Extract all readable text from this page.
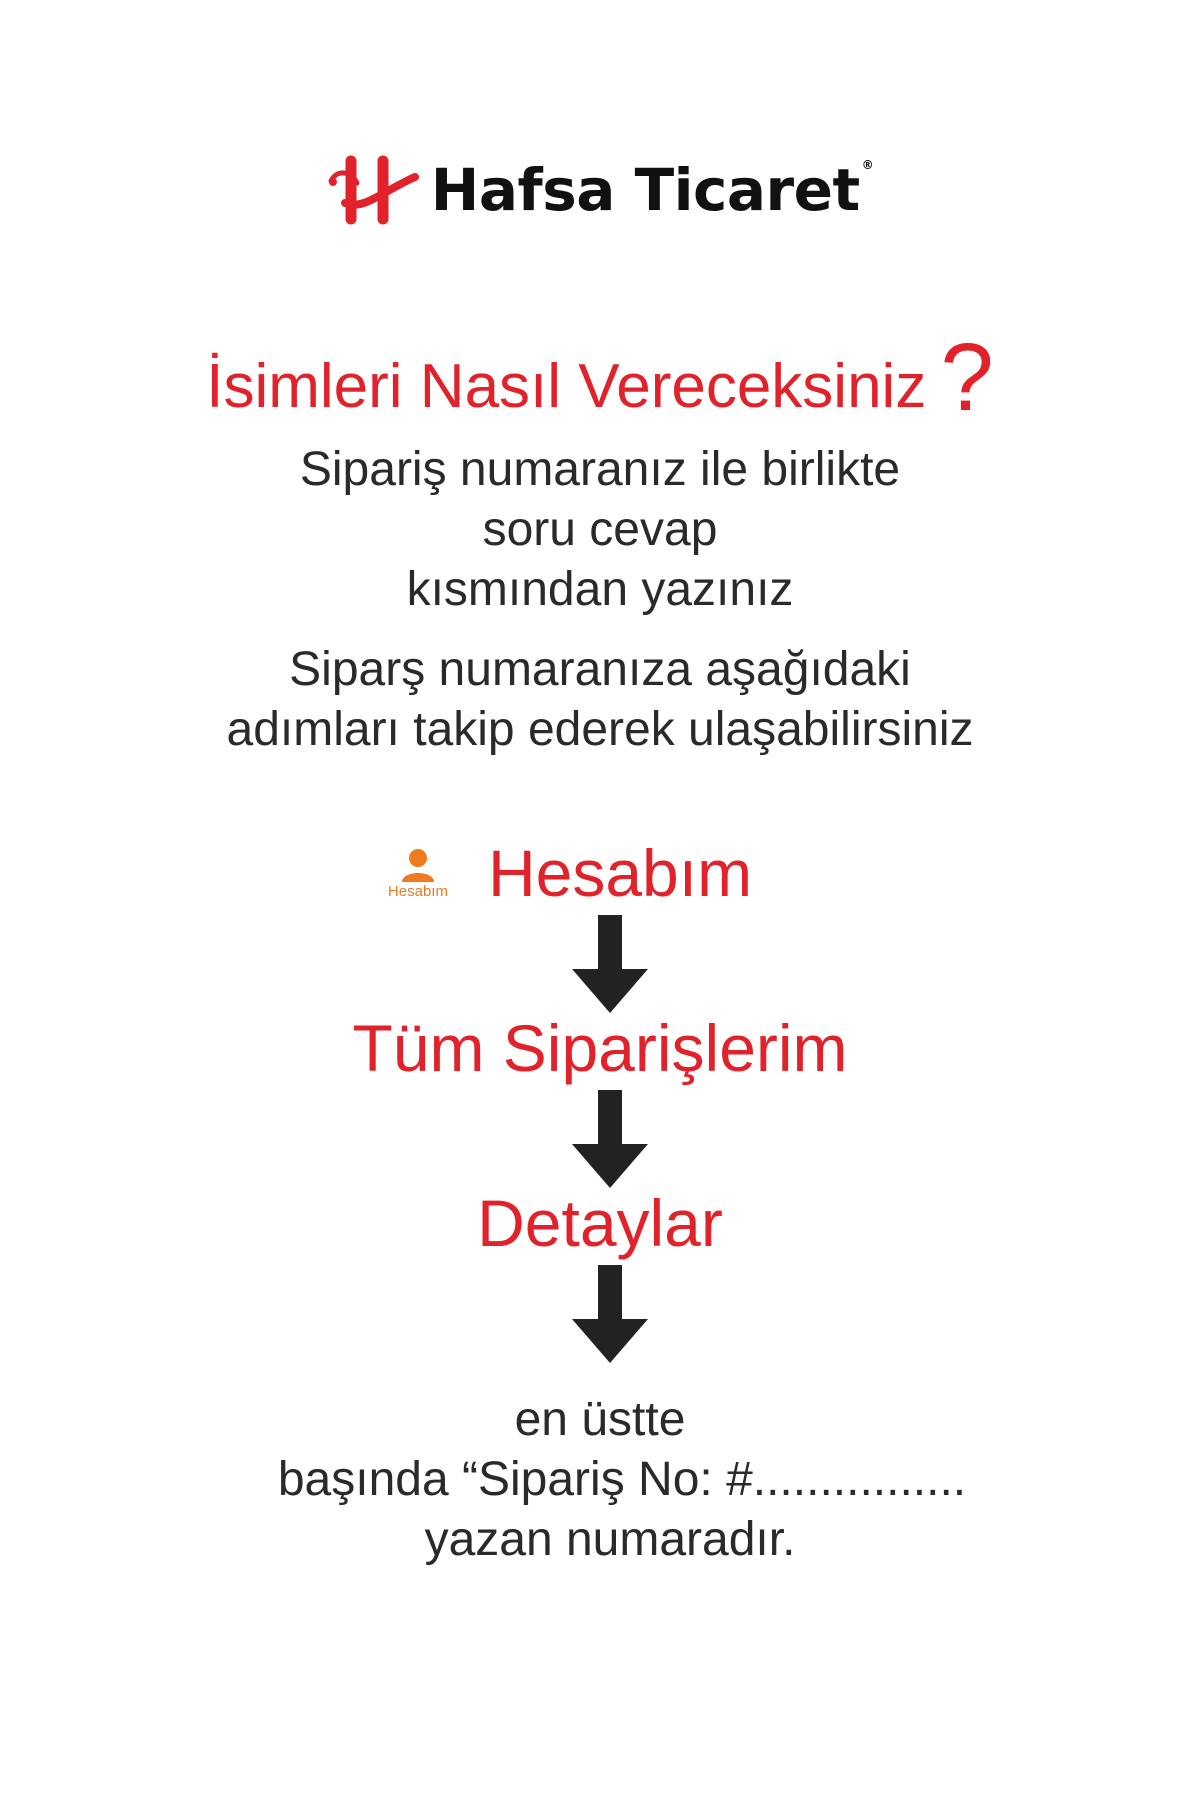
Hafsa Ticaret ®
İsimleri Nasıl Vereceksiniz ?
Sipariş numaranız ile birlikte
soru cevap
kısmından yazınız
Siparş numaranıza aşağıdaki
adımları takip ederek ulaşabilirsiniz
Hesabım Hesabım
Tüm Siparişlerim
Detaylar
en üstte
başında “Sipariş No: #................
yazan numaradır.
